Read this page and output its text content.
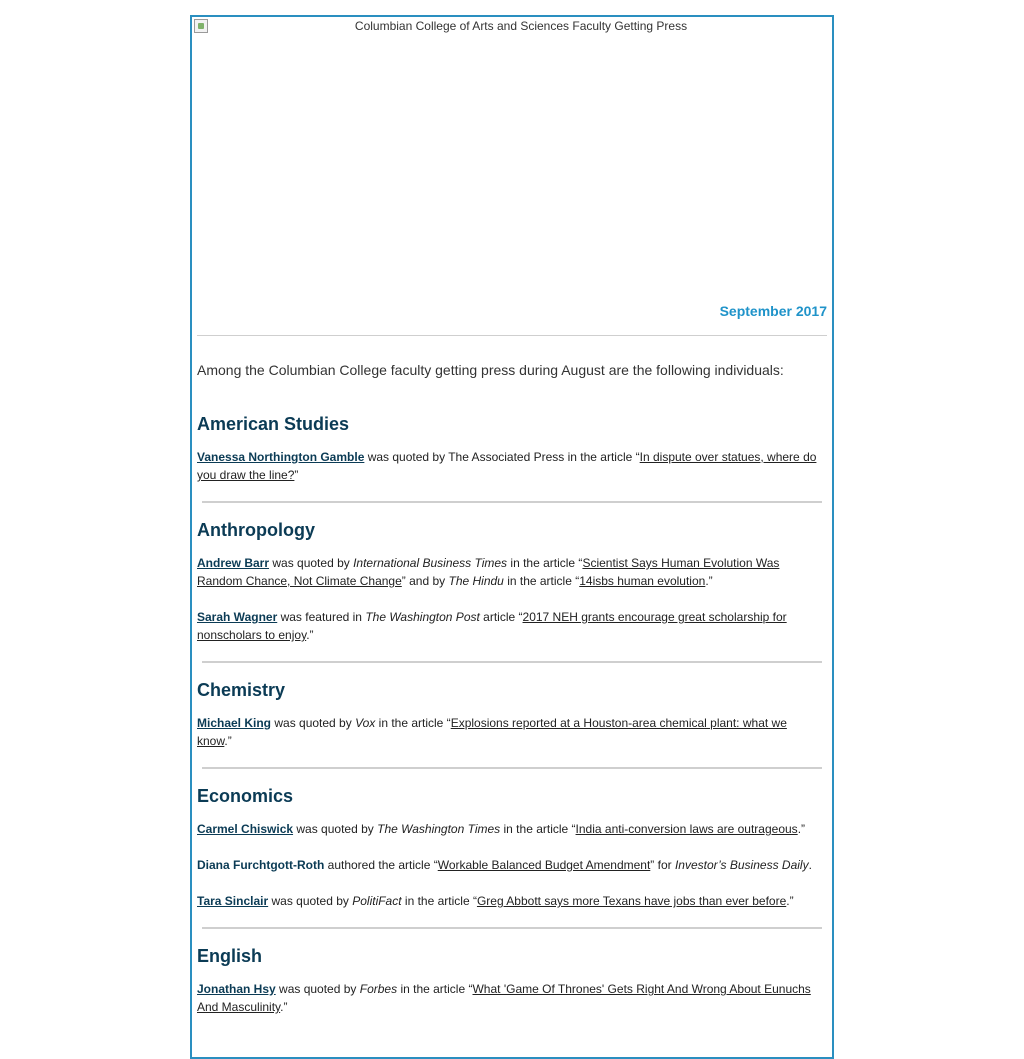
Columbian College of Arts and Sciences Faculty Getting Press
September 2017
Among the Columbian College faculty getting press during August are the following individuals:
American Studies
Vanessa Northington Gamble was quoted by The Associated Press in the article “In dispute over statues, where do you draw the line?”
Anthropology
Andrew Barr was quoted by International Business Times in the article “Scientist Says Human Evolution Was Random Chance, Not Climate Change” and by The Hindu in the article “14isbs human evolution.”
Sarah Wagner was featured in The Washington Post article “2017 NEH grants encourage great scholarship for nonscholars to enjoy.”
Chemistry
Michael King was quoted by Vox in the article “Explosions reported at a Houston-area chemical plant: what we know.”
Economics
Carmel Chiswick was quoted by The Washington Times in the article “India anti-conversion laws are outrageous.”
Diana Furchtgott-Roth authored the article “Workable Balanced Budget Amendment” for Investor’s Business Daily.
Tara Sinclair was quoted by PolitiFact in the article “Greg Abbott says more Texans have jobs than ever before.”
English
Jonathan Hsy was quoted by Forbes in the article “What 'Game Of Thrones' Gets Right And Wrong About Eunuchs And Masculinity.”
